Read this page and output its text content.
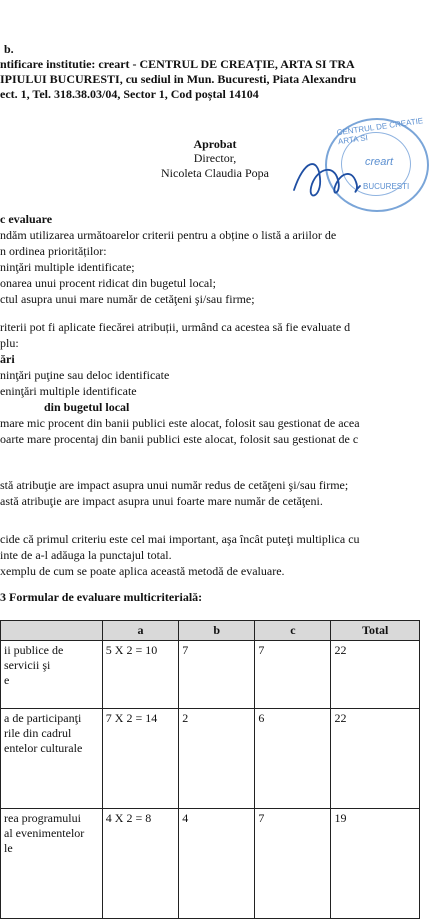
b.
ntificare institutie: creart - CENTRUL DE CREAȚIE, ARTA SI TRA
IPIULUI BUCURESTI, cu sediul in Mun. Bucuresti, Piata Alexandru
ect. 1, Tel. 318.38.03/04, Sector 1, Cod poștal 14104
Aprobat
Director,
Nicoleta Claudia Popa
CENTRUL DE CREATIE ARTA SI
creart
BUCURESTI
c evaluare
ndăm utilizarea următoarelor criterii pentru a obține o listă a ariilor de
n ordinea priorităților:
ninţări multiple identificate;
onarea unui procent ridicat din bugetul local;
ctul asupra unui mare număr de cetăţeni şi/sau firme;
riterii pot fi aplicate fiecărei atribuții, urmând ca acestea să fie evaluate d
plu:
ări
ninţări puţine sau deloc identificate
eninţări multiple identificate
din bugetul local
mare mic procent din banii publici este alocat, folosit sau gestionat de acea
oarte mare procentaj din banii publici este alocat, folosit sau gestionat de c
stă atribuţie are impact asupra unui număr redus de cetăţeni şi/sau firme;
astă atribuţie are impact asupra unui foarte mare număr de cetăţeni.
cide că primul criteriu este cel mai important, aşa încât puteţi multiplica cu
inte de a-l adăuga la punctajul total.
xemplu de cum se poate aplica această metodă de evaluare.
3 Formular de evaluare multicriterială:
	a	b	c	Total

ii publice de
servicii şi
e	5 X 2 = 10	7	7	22

a de participanţi
rile din cadrul
entelor culturale	7 X 2 = 14	2	6	22

rea programului
al evenimentelor
le	4 X 2 = 8	4	7	19
